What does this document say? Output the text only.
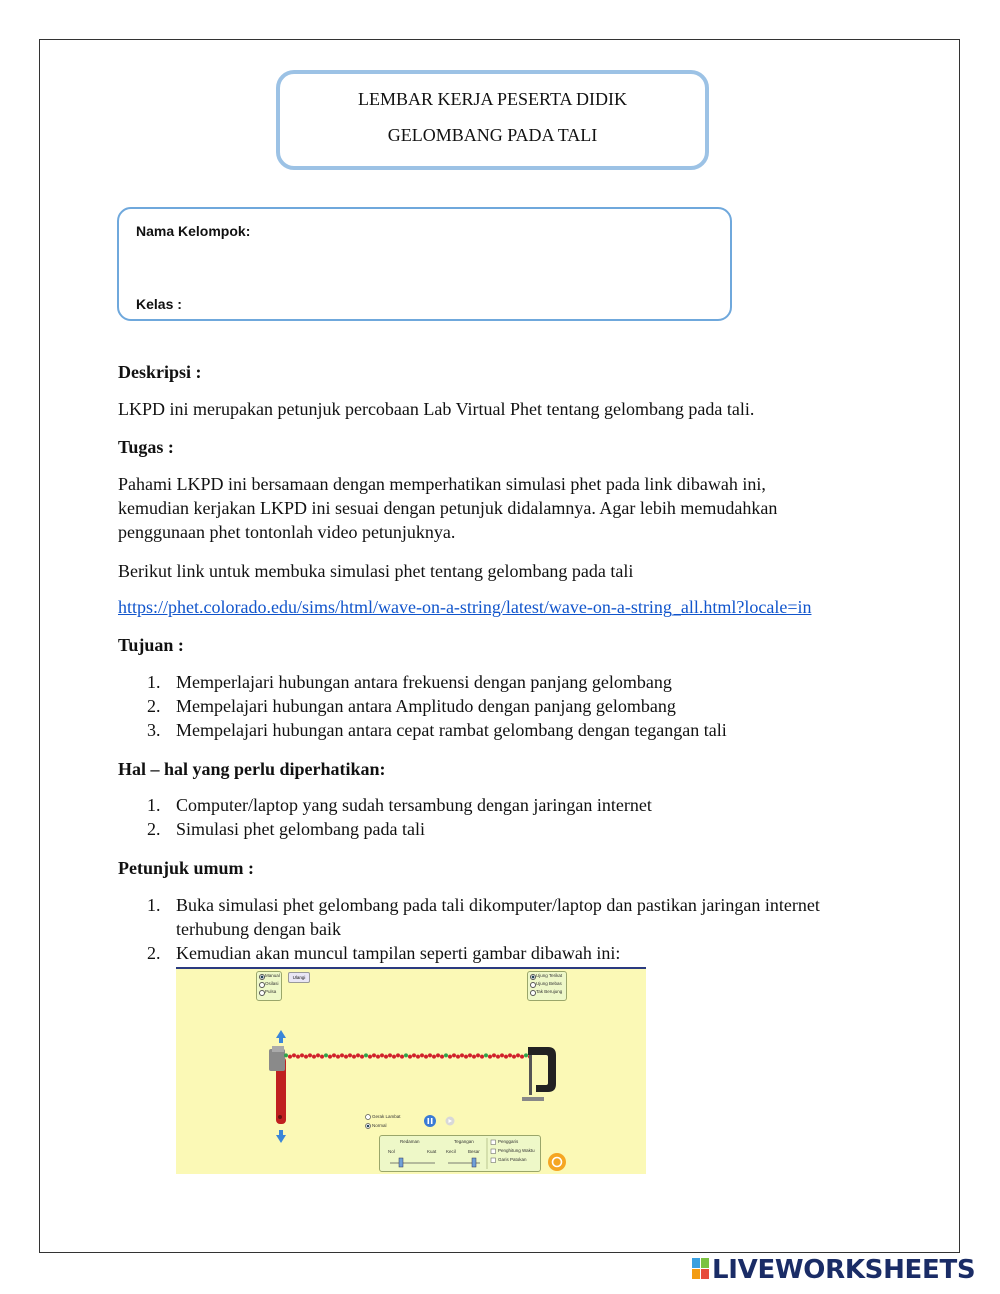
LEMBAR KERJA PESERTA DIDIK
GELOMBANG PADA TALI
Nama Kelompok:
Kelas :
Deskripsi :
LKPD ini merupakan petunjuk percobaan Lab Virtual Phet tentang gelombang pada tali.
Tugas :
Pahami LKPD ini bersamaan dengan memperhatikan simulasi phet pada link dibawah ini,
kemudian kerjakan LKPD ini sesuai dengan petunjuk didalamnya. Agar lebih memudahkan
penggunaan phet tontonlah video petunjuknya.
Berikut link untuk membuka simulasi phet tentang gelombang pada tali
https://phet.colorado.edu/sims/html/wave-on-a-string/latest/wave-on-a-string_all.html?locale=in
Tujuan :
1. Memperlajari hubungan antara frekuensi dengan panjang gelombang
2. Mempelajari hubungan antara Amplitudo dengan panjang gelombang
3. Mempelajari hubungan antara cepat rambat gelombang dengan tegangan tali
Hal – hal yang perlu diperhatikan:
1. Computer/laptop yang sudah tersambung dengan jaringan internet
2. Simulasi phet gelombang pada tali
Petunjuk umum :
1. Buka simulasi phet gelombang pada tali dikomputer/laptop dan pastikan jaringan internet
terhubung dengan baik
2. Kemudian akan muncul tampilan seperti gambar dibawah ini:
Manual
Osilasi
Pulsa
Ulangi	Ujung Terikat
Ujung Bebas
Tak Berujung
Gerak Lambat
Normal
Redaman	Tegangan
Nol	Kuat Kecil	Besar
Penggaris
Penghitung Waktu
Garis Patokan
LIVEWORKSHEETS
